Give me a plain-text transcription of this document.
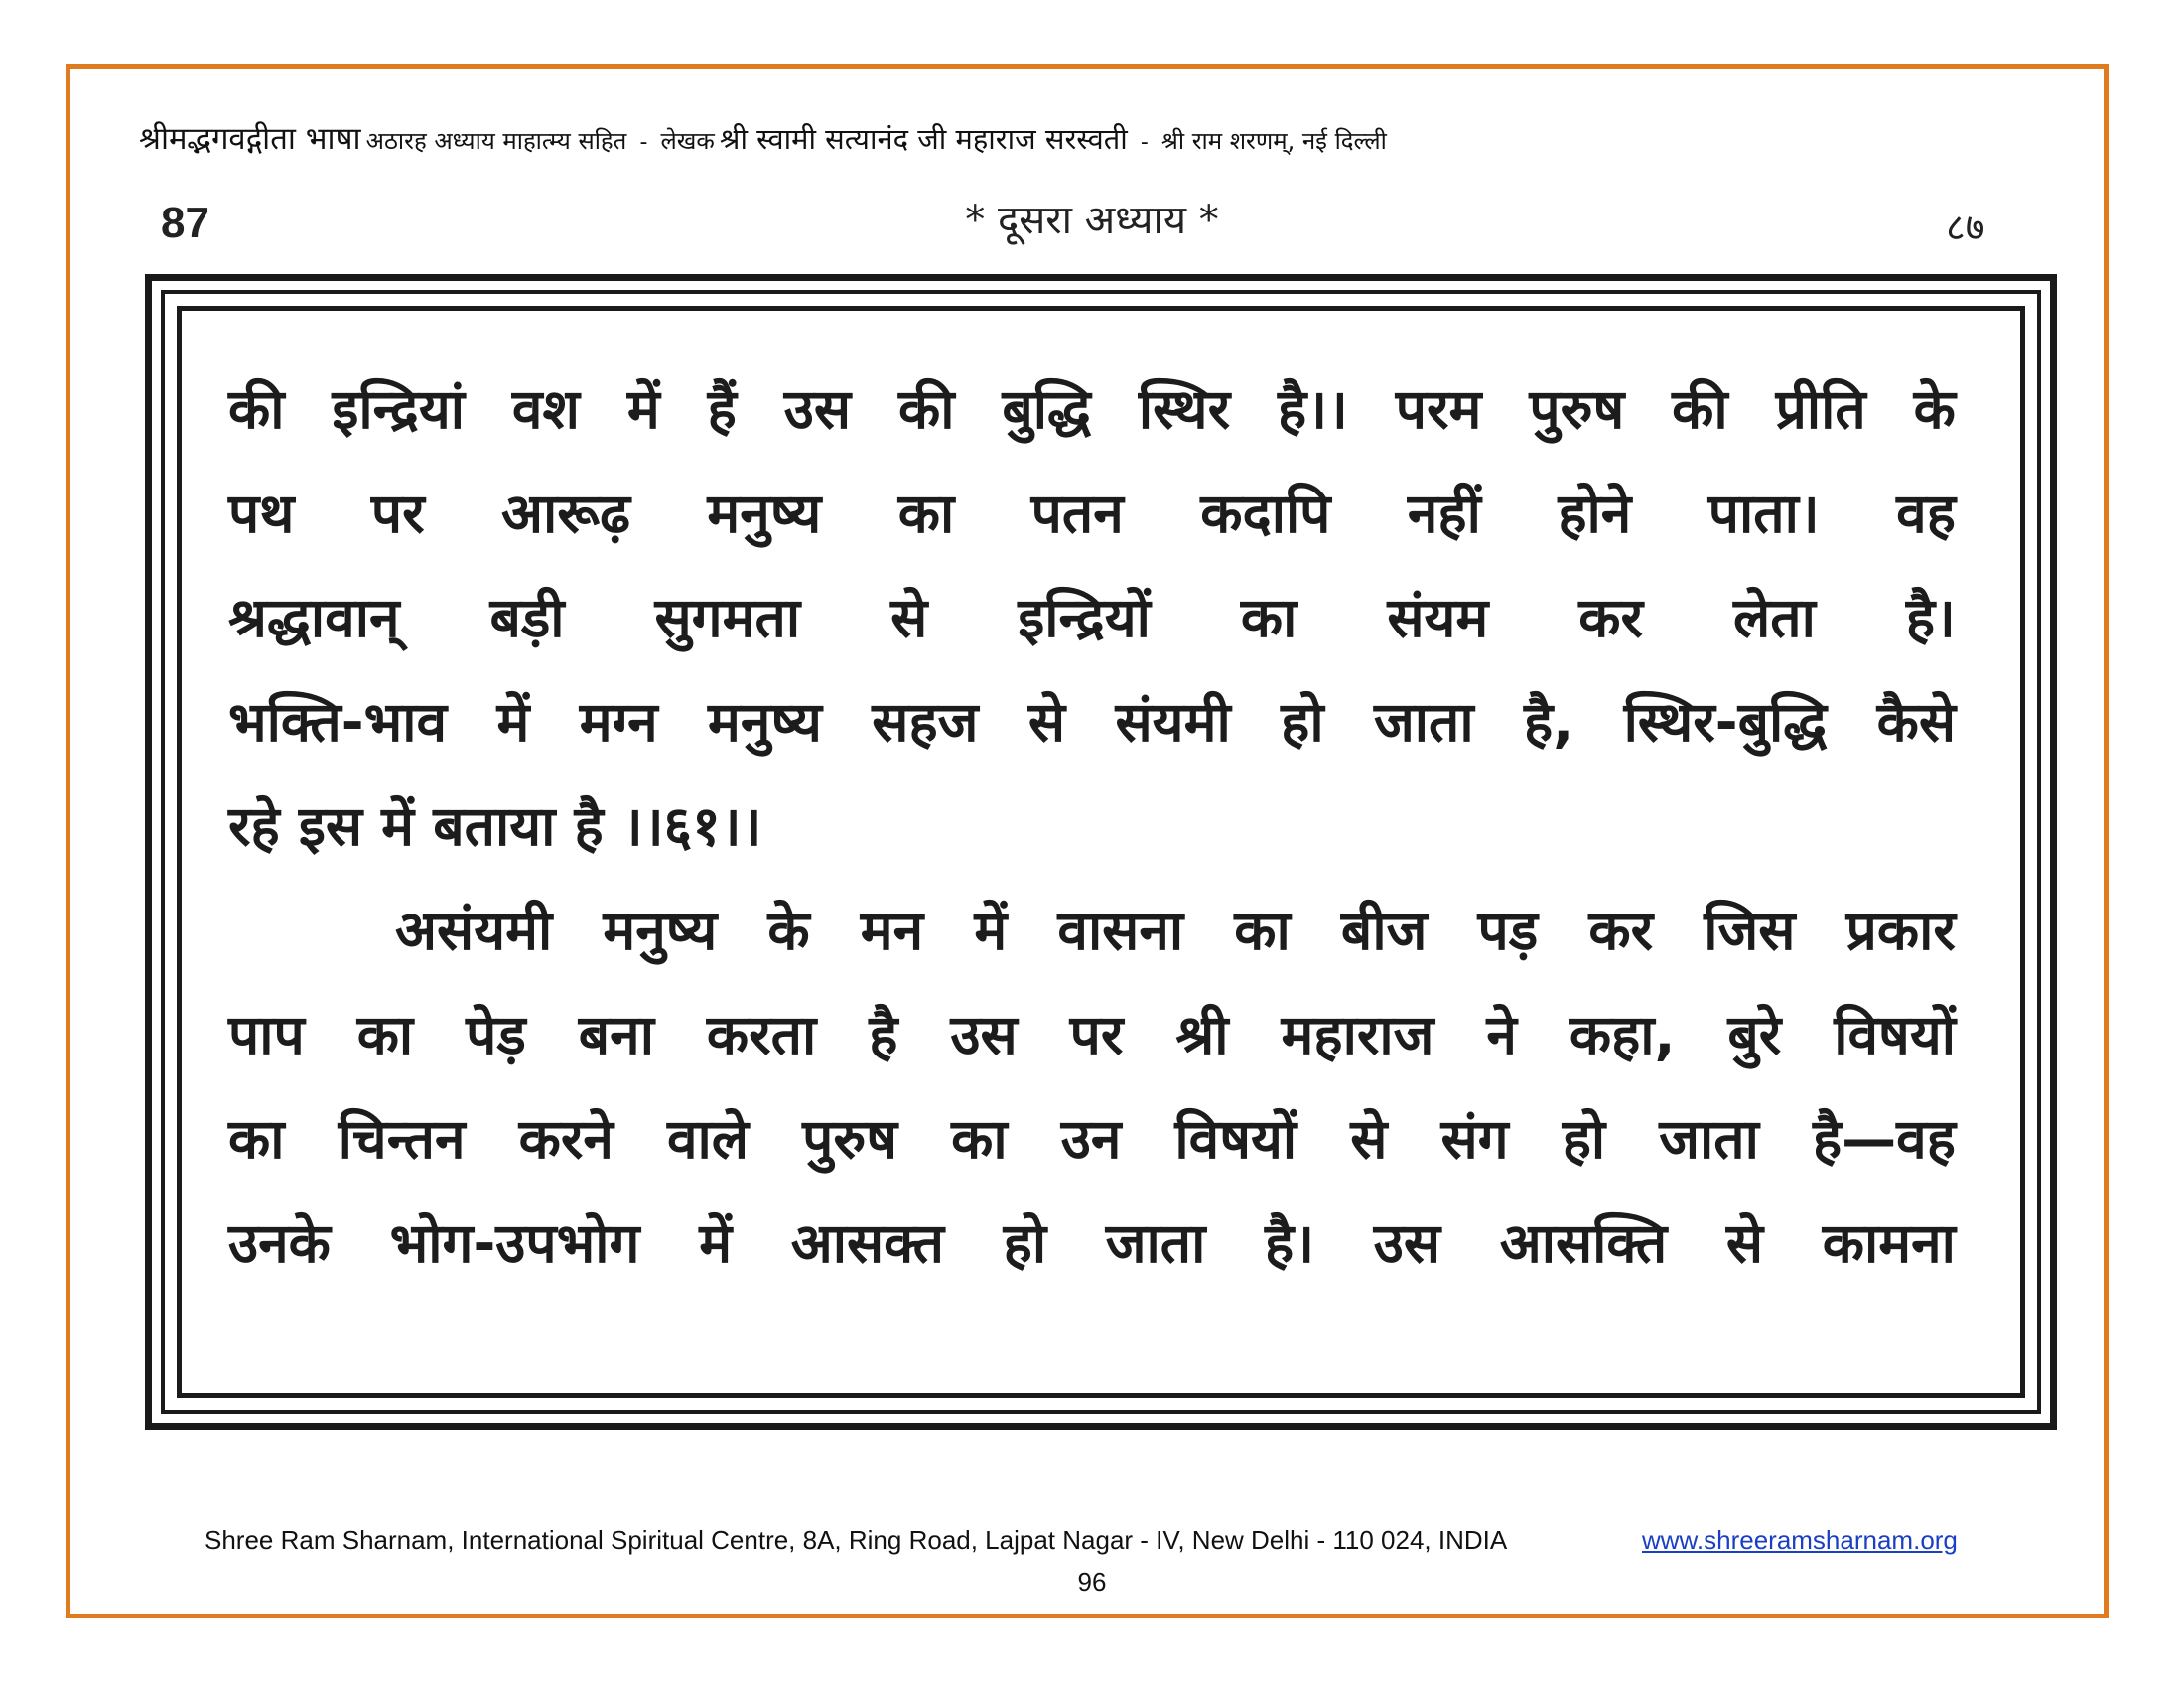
श्रीमद्भगवद्गीता भाषा अठारह अध्याय माहात्म्य सहित - लेखक श्री स्वामी सत्यानंद जी महाराज सरस्वती - श्री राम शरणम्, नई दिल्ली
87	* दूसरा अध्याय *	८७
की इन्द्रियां वश में हैं उस की बुद्धि स्थिर है।। परम पुरुष की प्रीति के
पथ पर आरूढ़ मनुष्य का पतन कदापि नहीं होने पाता। वह
श्रद्धावान् बड़ी सुगमता से इन्द्रियों का संयम कर लेता है।
भक्ति-भाव में मग्न मनुष्य सहज से संयमी हो जाता है, स्थिर-बुद्धि कैसे
रहे इस में बताया है ।।६१।।
असंयमी मनुष्य के मन में वासना का बीज पड़ कर जिस प्रकार
पाप का पेड़ बना करता है उस पर श्री महाराज ने कहा, बुरे विषयों
का चिन्तन करने वाले पुरुष का उन विषयों से संग हो जाता है—वह
उनके भोग-उपभोग में आसक्त हो जाता है। उस आसक्ति से कामना
Shree Ram Sharnam, International Spiritual Centre, 8A, Ring Road, Lajpat Nagar - IV, New Delhi - 110 024, INDIA	www.shreeramsharnam.org
96
